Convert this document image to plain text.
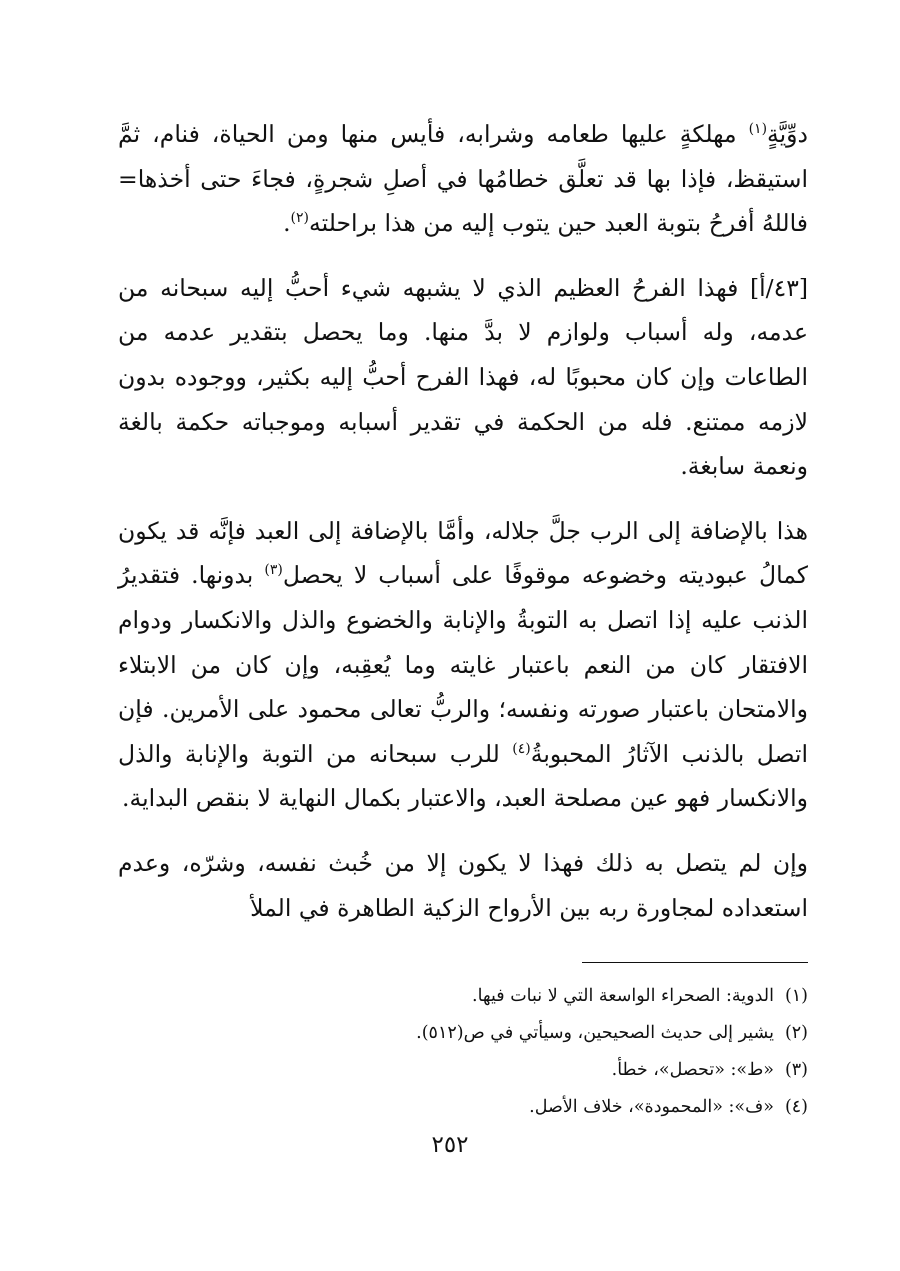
دوِّيَّةٍ$^{(١)}$ مهلكةٍ عليها طعامه وشرابه، فأيس منها ومن الحياة، فنام، ثمَّ استيقظ، فإذا بها قد تعلَّق خطامُها في أصلِ شجرةٍ، فجاءَ حتى أخذها= فاللهُ أفرحُ بتوبة العبد حين يتوب إليه من هذا براحلته$^{(٢)}$.

[٤٣/أ] فهذا الفرحُ العظيم الذي لا يشبهه شيء أحبُّ إليه سبحانه من عدمه، وله أسباب ولوازم لا بدَّ منها. وما يحصل بتقدير عدمه من الطاعات وإن كان محبوبًا له، فهذا الفرح أحبُّ إليه بكثير، ووجوده بدون لازمه ممتنع. فله من الحكمة في تقدير أسبابه وموجباته حكمة بالغة ونعمة سابغة.

هذا بالإضافة إلى الرب جلَّ جلاله، وأمَّا بالإضافة إلى العبد فإنَّه قد يكون كمالُ عبوديته وخضوعه موقوفًا على أسباب لا يحصل$^{(٣)}$ بدونها. فتقديرُ الذنب عليه إذا اتصل به التوبةُ والإنابة والخضوع والذل والانكسار ودوام الافتقار كان من النعم باعتبار غايته وما يُعقِبه، وإن كان من الابتلاء والامتحان باعتبار صورته ونفسه؛ والربُّ تعالى محمود على الأمرين. فإن اتصل بالذنب الآثارُ المحبوبةُ$^{(٤)}$ للرب سبحانه من التوبة والإنابة والذل والانكسار فهو عين مصلحة العبد، والاعتبار بكمال النهاية لا بنقص البداية.

وإن لم يتصل به ذلك فهذا لا يكون إلا من خُبث نفسه، وشرّه، وعدم استعداده لمجاورة ربه بين الأرواح الزكية الطاهرة في الملأ

(١)الدوية: الصحراء الواسعة التي لا نبات فيها.

(٢)يشير إلى حديث الصحيحين، وسيأتي في ص(٥١٢).

(٣)«ط»: «تحصل»، خطأ.

(٤)«ف»: «المحمودة»، خلاف الأصل.

٢٥٢
